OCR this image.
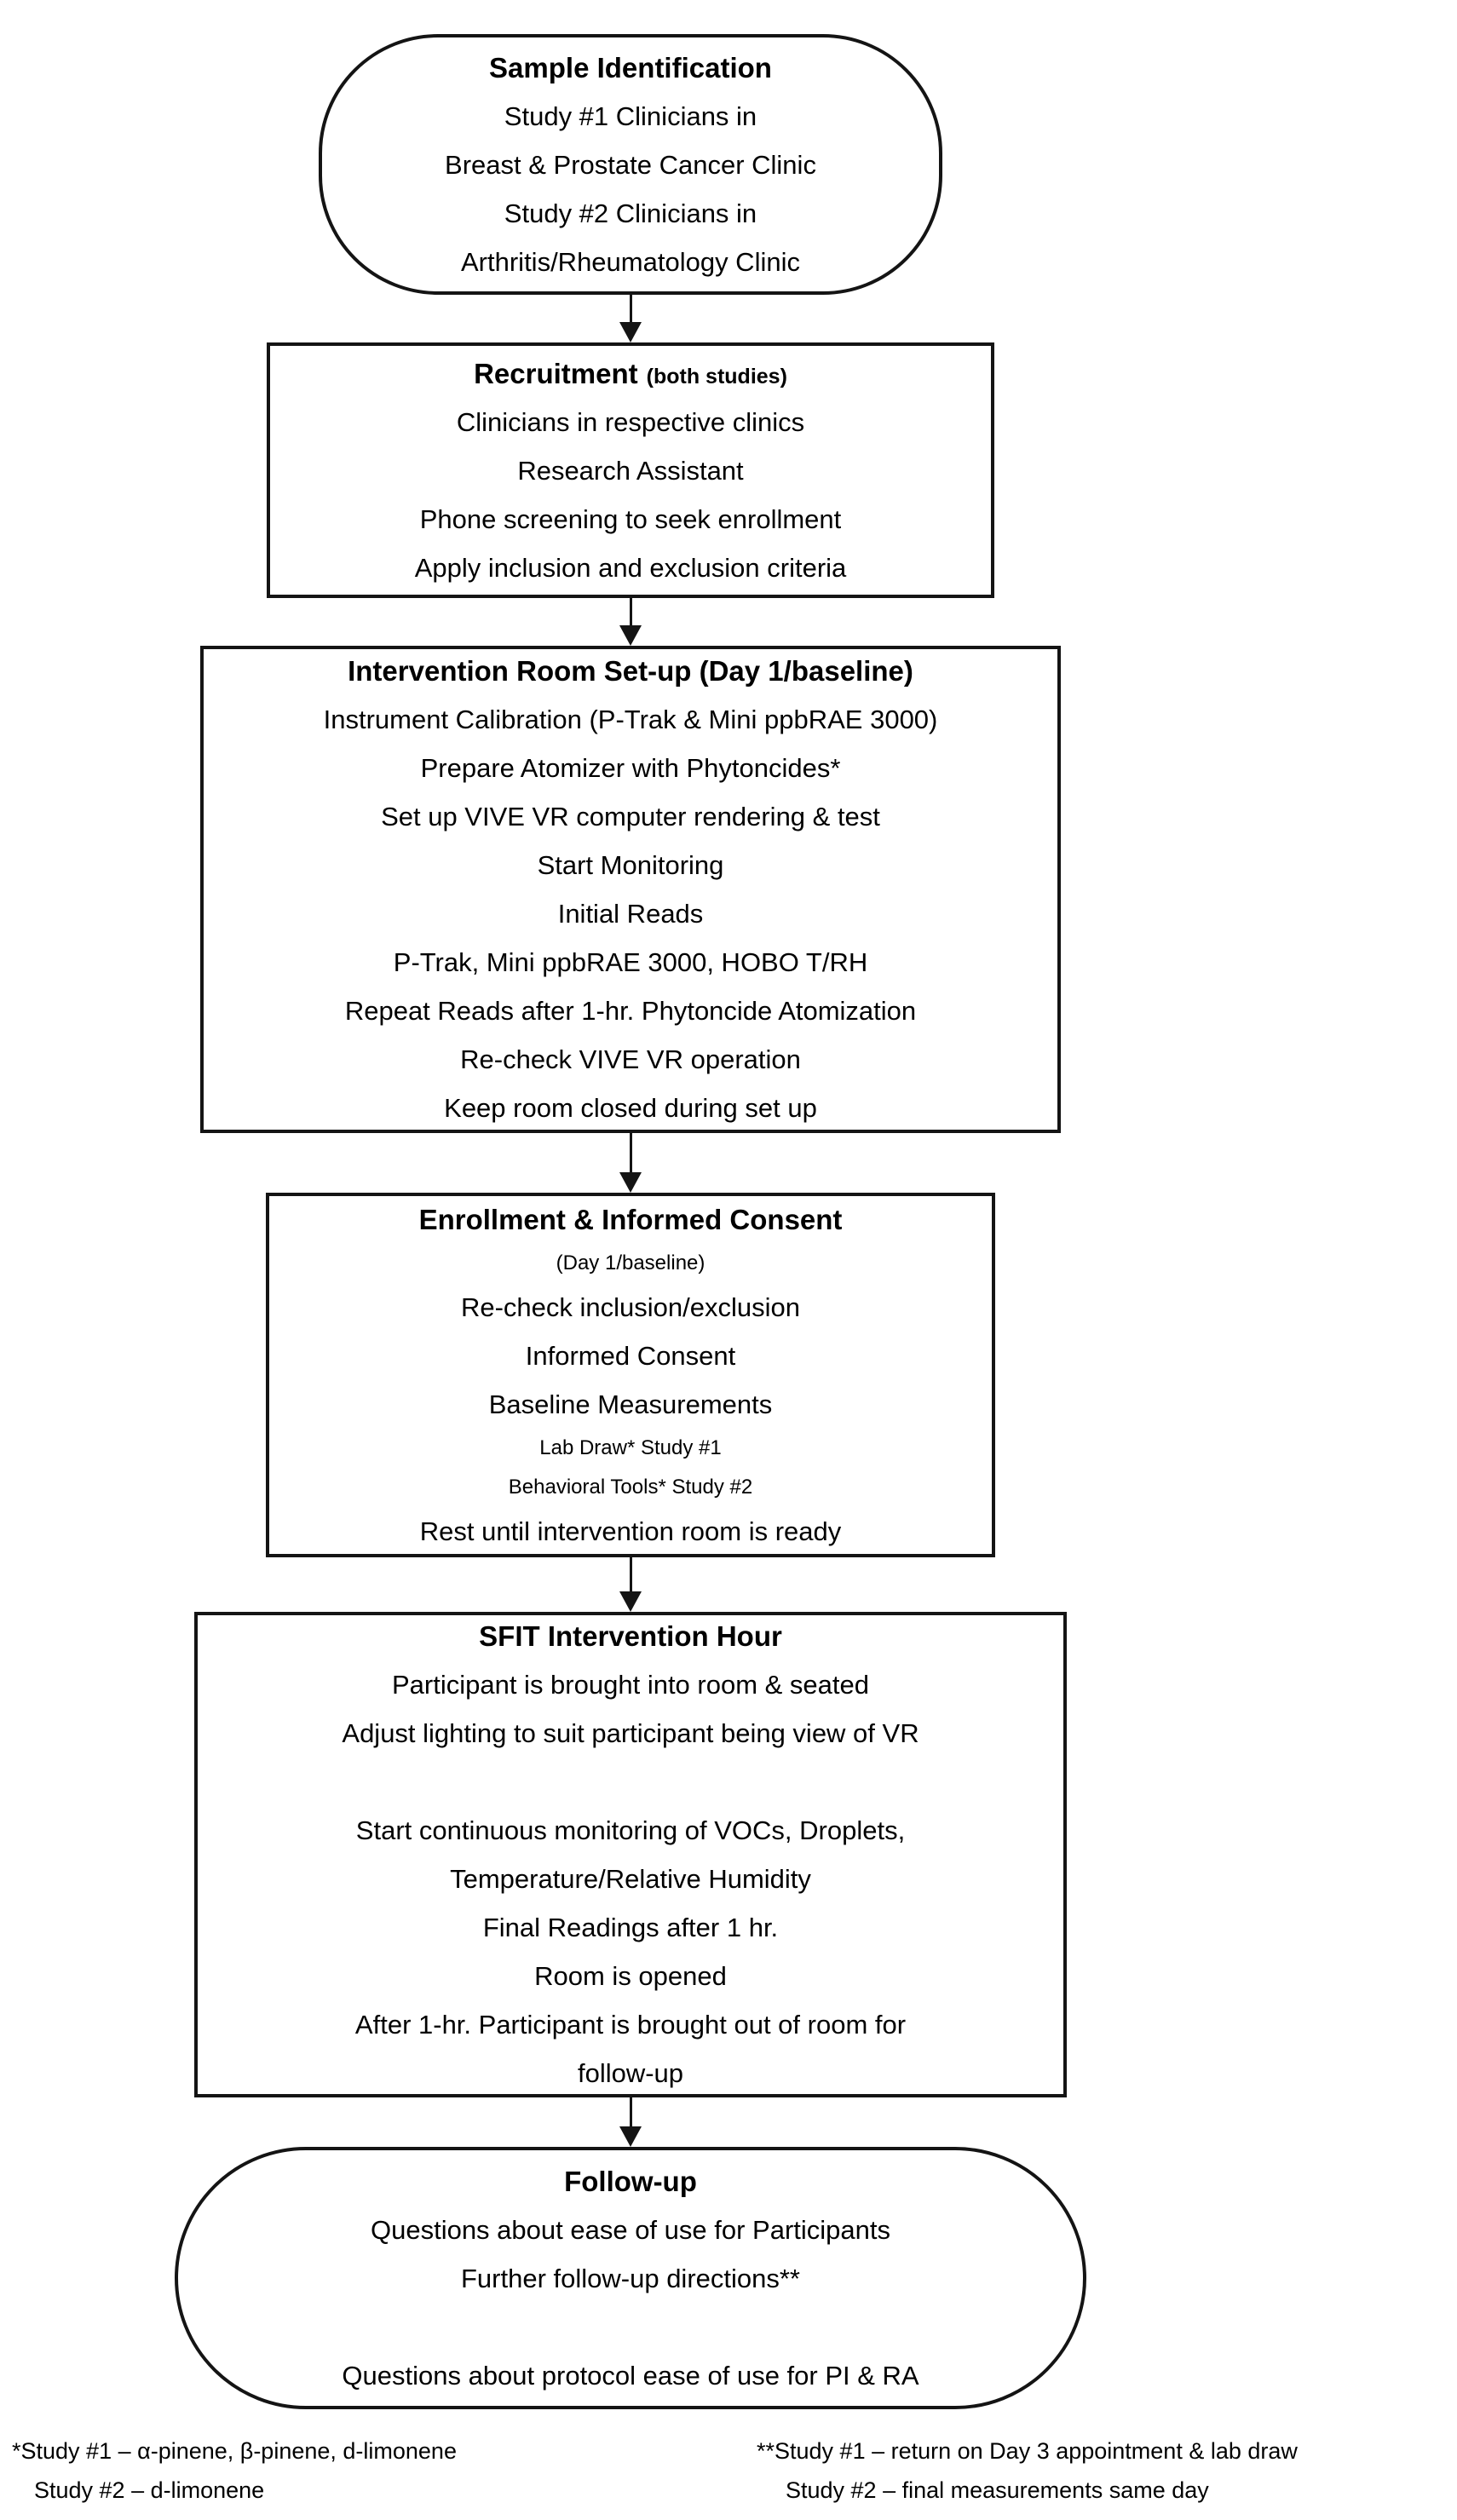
Sample Identification
Study #1 Clinicians in
Breast & Prostate Cancer Clinic
Study #2 Clinicians in
Arthritis/Rheumatology Clinic
Recruitment (both studies)
Clinicians in respective clinics
Research Assistant
Phone screening to seek enrollment
Apply inclusion and exclusion criteria
Intervention Room Set-up (Day 1/baseline)
Instrument Calibration (P-Trak & Mini ppbRAE 3000)
Prepare Atomizer with Phytoncides*
Set up VIVE VR computer rendering & test
Start Monitoring
Initial Reads
P-Trak, Mini ppbRAE 3000, HOBO T/RH
Repeat Reads after 1-hr. Phytoncide Atomization
Re-check VIVE VR operation
Keep room closed during set up
Enrollment & Informed Consent
(Day 1/baseline)
Re-check inclusion/exclusion
Informed Consent
Baseline Measurements
Lab Draw* Study #1
Behavioral Tools* Study #2
Rest until intervention room is ready
SFIT Intervention Hour
Participant is brought into room & seated
Adjust lighting to suit participant being view of VR
Start continuous monitoring of VOCs, Droplets,
Temperature/Relative Humidity
Final Readings after 1 hr.
Room is opened
After 1-hr. Participant is brought out of room for
follow-up
Follow-up
Questions about ease of use for Participants
Further follow-up directions**
Questions about protocol ease of use for PI & RA
*Study #1 – α-pinene, β-pinene, d-limonene
Study #2 – d-limonene
**Study #1 – return on Day 3 appointment & lab draw
Study #2 – final measurements same day
